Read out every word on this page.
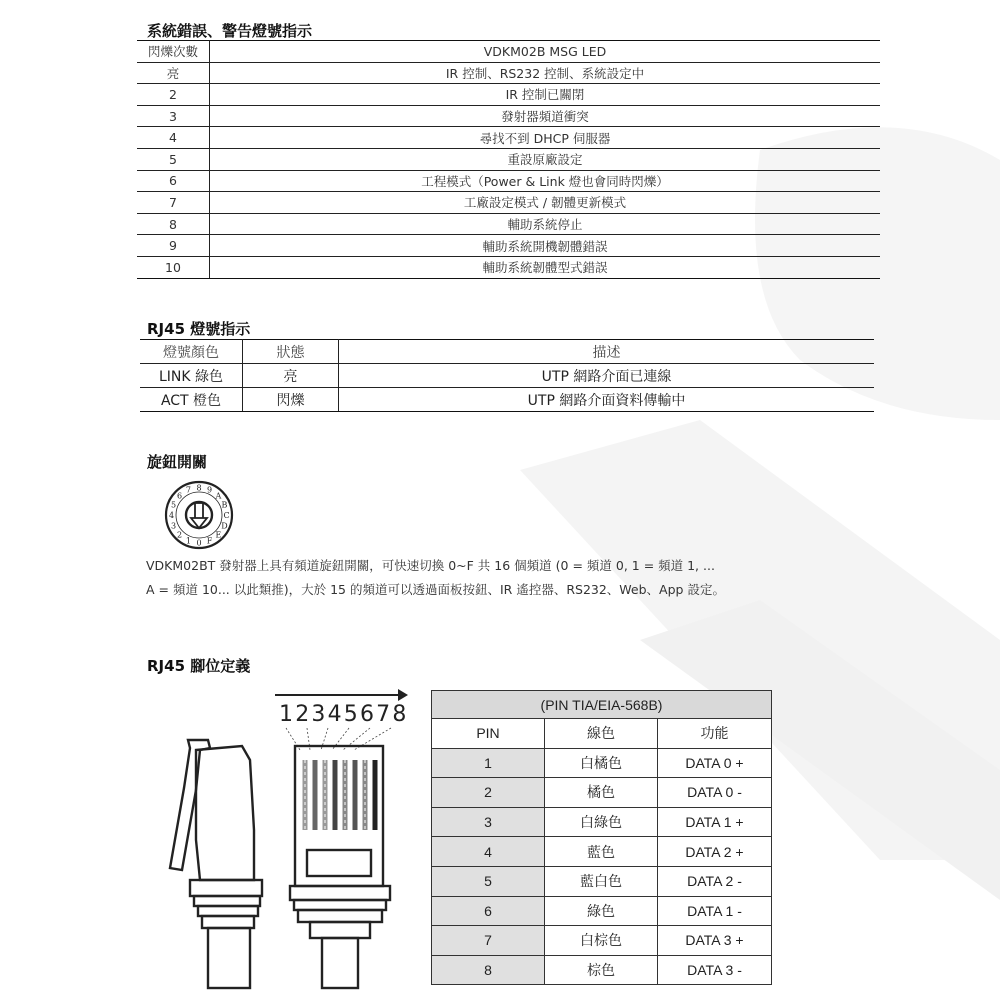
系統錯誤、警告燈號指示
閃爍次數	VDKM02B MSG LED
亮	IR 控制、RS232 控制、系統設定中
2	IR 控制已關閉
3	發射器頻道衝突
4	尋找不到 DHCP 伺服器
5	重設原廠設定
6	工程模式（Power & Link 燈也會同時閃爍）
7	工廠設定模式 / 韌體更新模式
8	輔助系統停止
9	輔助系統開機韌體錯誤
10	輔助系統韌體型式錯誤
RJ45 燈號指示
燈號顏色	狀態	描述
LINK 綠色	亮	UTP 網路介面已連線
ACT 橙色	閃爍	UTP 網路介面資料傳輸中
旋鈕開關
0
1
2
3
4
5
6
7 8 9
A
B
C
D
E
F

VDKM02BT 發射器上具有頻道旋鈕開關，可快速切換 0~F 共 16 個頻道 (0 = 頻道 0, 1 = 頻道 1, ...

A = 頻道 10... 以此類推)，大於 15 的頻道可以透過面板按鈕、IR 遙控器、RS232、Web、App 設定。

RJ45 腳位定義
12345678	(PIN TIA/EIA-568B)		
PIN	線色	功能
1	白橘色	DATA 0 +
2	橘色	DATA 0 -
3	白綠色	DATA 1 +
4	藍色	DATA 2 +
5	藍白色	DATA 2 -
6	綠色	DATA 1 -
7	白棕色	DATA 3 +
8	棕色	DATA 3 -
